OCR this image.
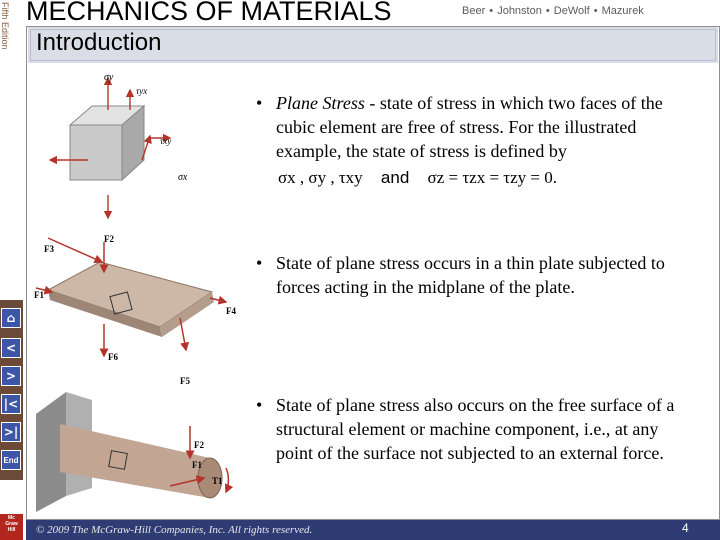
Fifth Edition
⌂
<
>
|<
>|
End
Mc
Graw
Hill
MECHANICS OF MATERIALS	Beer • Johnston • DeWolf • Mazurek
Introduction
σy
τyx
τxy
σx
F2
F3
F1
F4
F5
F6
F2
F1
T1
• Plane Stress - state of stress in which two faces of the cubic element are free of stress. For the illustrated example, the state of stress is defined by
σx , σy , τxy and σz = τzx = τzy = 0.
• State of plane stress occurs in a thin plate subjected to forces acting in the midplane of the plate.
• State of plane stress also occurs on the free surface of a structural element or machine component, i.e., at any point of the surface not subjected to an external force.
© 2009 The McGraw-Hill Companies, Inc. All rights reserved.	4
